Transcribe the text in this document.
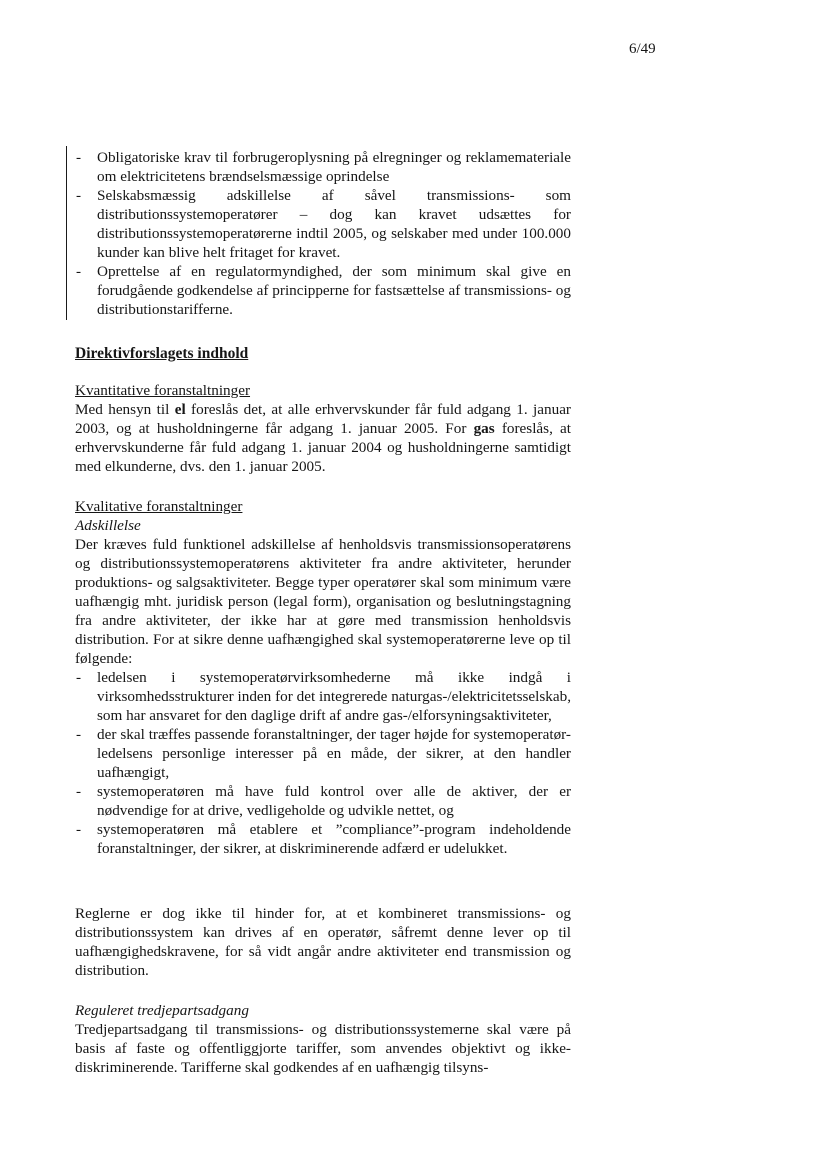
6/49
- Obligatoriske krav til forbrugeroplysning på elregninger og reklamemateriale om elektricitetens brændselsmæssige oprindelse
- Selskabsmæssig adskillelse af såvel transmissions- som distributionssystemoperatører – dog kan kravet udsættes for distributionssystemoperatørerne indtil 2005, og selskaber med under 100.000 kunder kan blive helt fritaget for kravet.
- Oprettelse af en regulatormyndighed, der som minimum skal give en forudgående godkendelse af principperne for fastsættelse af transmissions- og distributionstarifferne.

Direktivforslagets indhold

Kvantitative foranstaltninger

Med hensyn til el foreslås det, at alle erhvervskunder får fuld adgang 1. januar 2003, og at husholdningerne får adgang 1. januar 2005. For gas foreslås, at erhvervskunderne får fuld adgang 1. januar 2004 og husholdningerne samtidigt med elkunderne, dvs. den 1. januar 2005.

Kvalitative foranstaltninger

Adskillelse

Der kræves fuld funktionel adskillelse af henholdsvis transmissionsoperatørens og distributionssystemoperatørens aktiviteter fra andre aktiviteter, herunder produktions- og salgsaktiviteter. Begge typer operatører skal som minimum være uafhængig mht. juridisk person (legal form), organisation og beslutningstagning fra andre aktiviteter, der ikke har at gøre med transmission henholdsvis distribution. For at sikre denne uafhængighed skal systemoperatørerne leve op til følgende:

- ledelsen i systemoperatørvirksomhederne må ikke indgå i virksomhedsstrukturer inden for det integrerede naturgas-/elektricitetsselskab, som har ansvaret for den daglige drift af andre gas-/elforsyningsaktiviteter,
- der skal træffes passende foranstaltninger, der tager højde for systemoperatør-ledelsens personlige interesser på en måde, der sikrer, at den handler uafhængigt,
- systemoperatøren må have fuld kontrol over alle de aktiver, der er nødvendige for at drive, vedligeholde og udvikle nettet, og
- systemoperatøren må etablere et ”compliance”-program indeholdende foranstaltninger, der sikrer, at diskriminerende adfærd er udelukket.

Reglerne er dog ikke til hinder for, at et kombineret transmissions- og distributionssystem kan drives af en operatør, såfremt denne lever op til uafhængighedskravene, for så vidt angår andre aktiviteter end transmission og distribution.

Reguleret tredjepartsadgang

Tredjepartsadgang til transmissions- og distributionssystemerne skal være på basis af faste og offentliggjorte tariffer, som anvendes objektivt og ikke-diskriminerende. Tarifferne skal godkendes af en uafhængig tilsyns-
